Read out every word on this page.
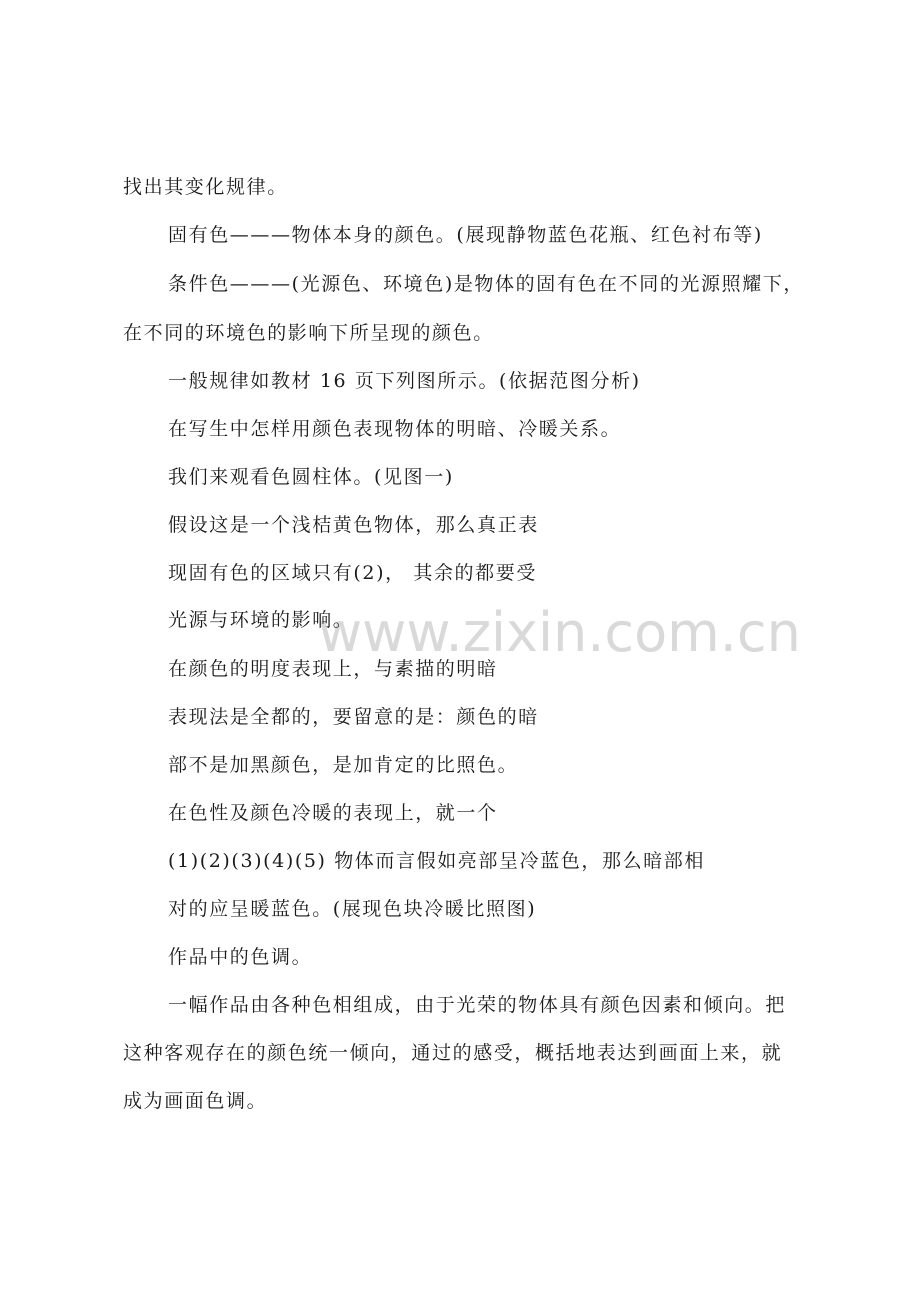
www.zixin.com.cn
找出其变化规律。
固有色———物体本身的颜色。(展现静物蓝色花瓶、红色衬布等)
条件色———(光源色、环境色)是物体的固有色在不同的光源照耀下，
在不同的环境色的影响下所呈现的颜色。
一般规律如教材 16 页下列图所示。(依据范图分析)
在写生中怎样用颜色表现物体的明暗、冷暖关系。
我们来观看色圆柱体。(见图一)
假设这是一个浅桔黄色物体，那么真正表
现固有色的区域只有(2)， 其余的都要受
光源与环境的影响。
在颜色的明度表现上，与素描的明暗
表现法是全都的，要留意的是：颜色的暗
部不是加黑颜色，是加肯定的比照色。
在色性及颜色冷暖的表现上，就一个
(1)(2)(3)(4)(5) 物体而言假如亮部呈冷蓝色，那么暗部相
对的应呈暖蓝色。(展现色块冷暖比照图)
作品中的色调。
一幅作品由各种色相组成，由于光荣的物体具有颜色因素和倾向。把
这种客观存在的颜色统一倾向，通过的感受，概括地表达到画面上来，就
成为画面色调。
